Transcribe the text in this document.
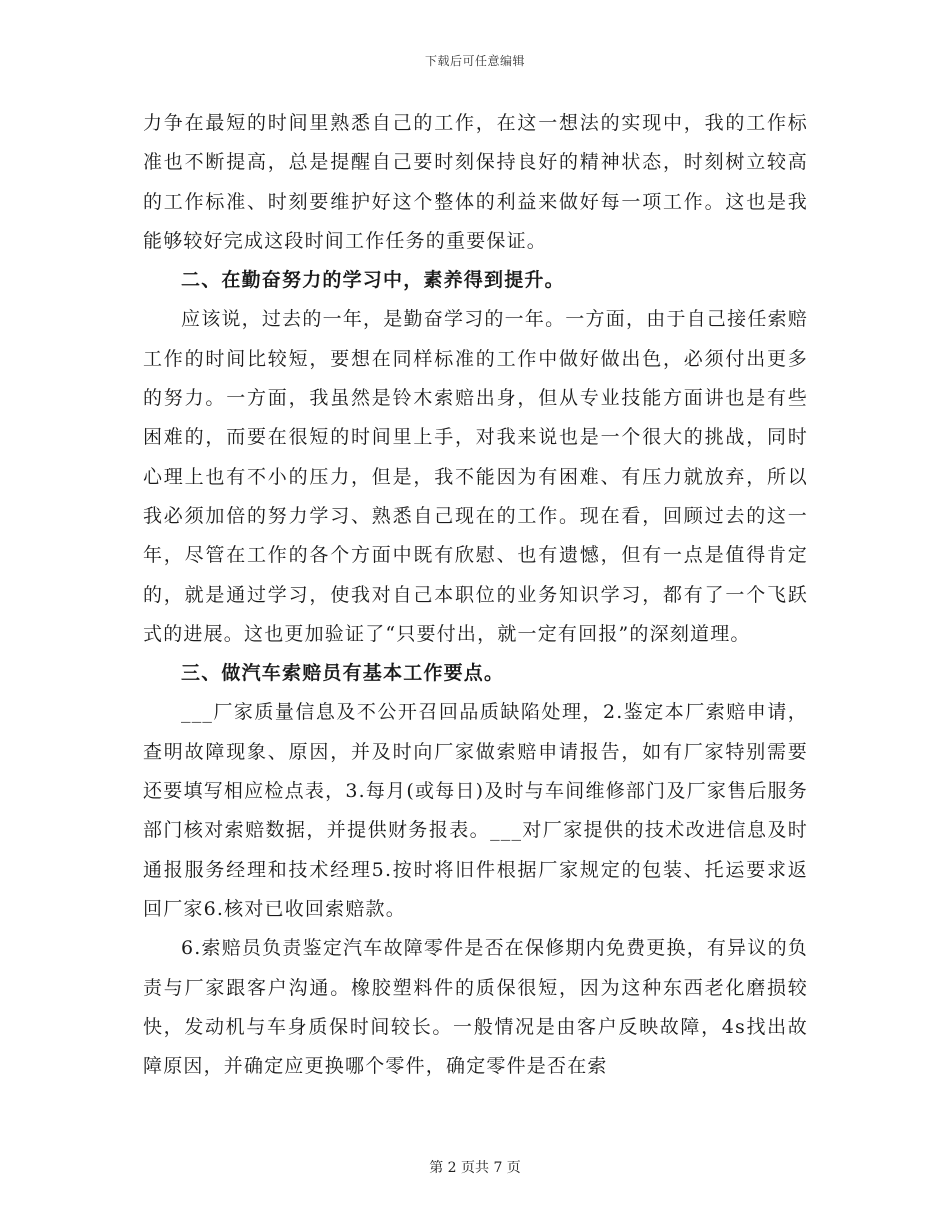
下载后可任意编辑

力争在最短的时间里熟悉自己的工作，在这一想法的实现中，我的工作标准也不断提高，总是提醒自己要时刻保持良好的精神状态，时刻树立较高的工作标准、时刻要维护好这个整体的利益来做好每一项工作。这也是我能够较好完成这段时间工作任务的重要保证。

二、在勤奋努力的学习中，素养得到提升。

应该说，过去的一年，是勤奋学习的一年。一方面，由于自己接任索赔工作的时间比较短，要想在同样标准的工作中做好做出色，必须付出更多的努力。一方面，我虽然是铃木索赔出身，但从专业技能方面讲也是有些困难的，而要在很短的时间里上手，对我来说也是一个很大的挑战，同时心理上也有不小的压力，但是，我不能因为有困难、有压力就放弃，所以我必须加倍的努力学习、熟悉自己现在的工作。现在看，回顾过去的这一年，尽管在工作的各个方面中既有欣慰、也有遗憾，但有一点是值得肯定的，就是通过学习，使我对自己本职位的业务知识学习，都有了一个飞跃式的进展。这也更加验证了“只要付出，就一定有回报”的深刻道理。

三、做汽车索赔员有基本工作要点。

___厂家质量信息及不公开召回品质缺陷处理，2.鉴定本厂索赔申请，查明故障现象、原因，并及时向厂家做索赔申请报告，如有厂家特别需要还要填写相应检点表，3.每月(或每日)及时与车间维修部门及厂家售后服务部门核对索赔数据，并提供财务报表。___对厂家提供的技术改进信息及时通报服务经理和技术经理5.按时将旧件根据厂家规定的包装、托运要求返回厂家6.核对已收回索赔款。

6.索赔员负责鉴定汽车故障零件是否在保修期内免费更换，有异议的负责与厂家跟客户沟通。橡胶塑料件的质保很短，因为这种东西老化磨损较快，发动机与车身质保时间较长。一般情况是由客户反映故障，4s找出故障原因，并确定应更换哪个零件，确定零件是否在索

第 2 页共 7 页
